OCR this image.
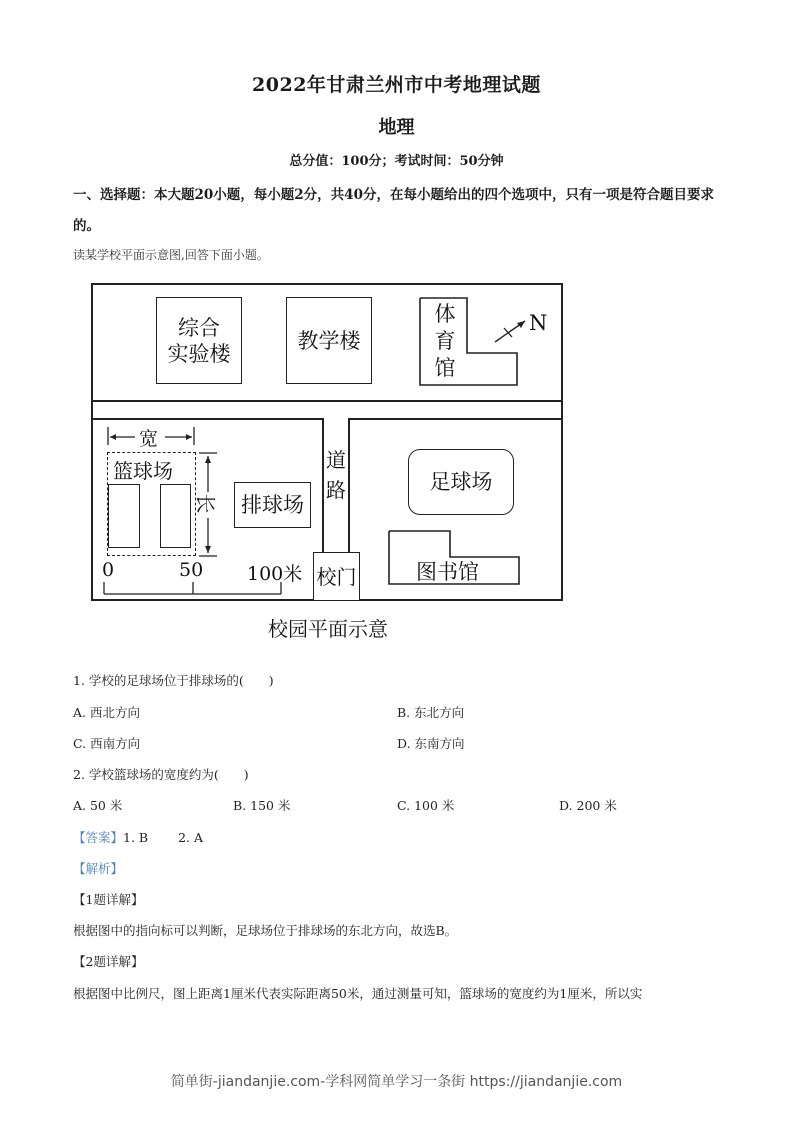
2022年甘肃兰州市中考地理试题
地理
总分值：100分；考试时间：50分钟
一、选择题：本大题20小题，每小题2分，共40分，在每小题给出的四个选项中，只有一项是符合题目要求的。
读某学校平面示意图,回答下面小题。
综合
实验楼
教学楼
体
育
馆
N
宽
篮球场
长	排球场
道
路
校门
足球场
图书馆
0	50 100米
校园平面示意
1. 学校的足球场位于排球场的(　　)
A. 西北方向	B. 东北方向
C. 西南方向	D. 东南方向
2. 学校篮球场的宽度约为(　　)
A. 50 米	B. 150 米	C. 100 米	D. 200 米
【答案】1. B 2. A
【解析】
【1题详解】
根据图中的指向标可以判断，足球场位于排球场的东北方向，故选B。
【2题详解】
根据图中比例尺，图上距离1厘米代表实际距离50米，通过测量可知，篮球场的宽度约为1厘米，所以实
简单街-jiandanjie.com-学科网简单学习一条街 https://jiandanjie.com
